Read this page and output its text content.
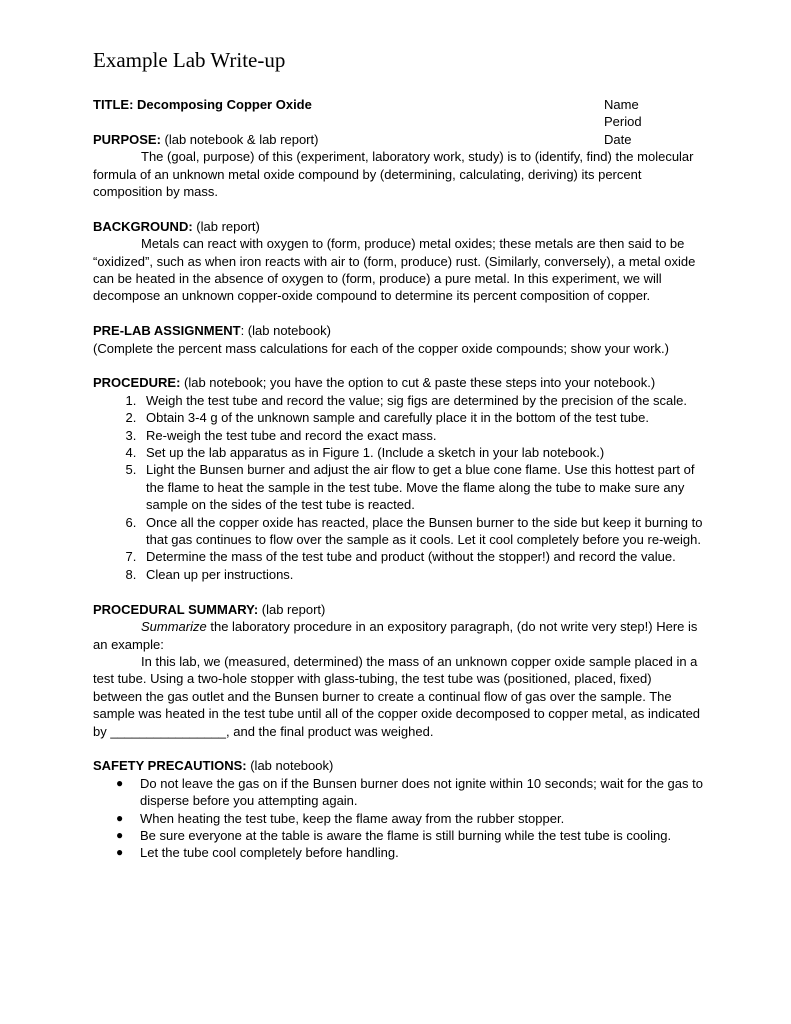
Example Lab Write-up
TITLE: Decomposing Copper Oxide	Name
Period
Date

PURPOSE: (lab notebook & lab report)

The (goal, purpose) of this (experiment, laboratory work, study) is to (identify, find) the molecular formula of an unknown metal oxide compound by (determining, calculating, deriving) its percent composition by mass.

BACKGROUND: (lab report)

Metals can react with oxygen to (form, produce) metal oxides; these metals are then said to be “oxidized”, such as when iron reacts with air to (form, produce) rust. (Similarly, conversely), a metal oxide can be heated in the absence of oxygen to (form, produce) a pure metal. In this experiment, we will decompose an unknown copper-oxide compound to determine its percent composition of copper.

PRE-LAB ASSIGNMENT: (lab notebook)

(Complete the percent mass calculations for each of the copper oxide compounds; show your work.)

PROCEDURE: (lab notebook; you have the option to cut & paste these steps into your notebook.)

1. Weigh the test tube and record the value; sig figs are determined by the precision of the scale.
2. Obtain 3-4 g of the unknown sample and carefully place it in the bottom of the test tube.
3. Re-weigh the test tube and record the exact mass.
4. Set up the lab apparatus as in Figure 1. (Include a sketch in your lab notebook.)
5. Light the Bunsen burner and adjust the air flow to get a blue cone flame. Use this hottest part of the flame to heat the sample in the test tube. Move the flame along the tube to make sure any sample on the sides of the test tube is reacted.
6. Once all the copper oxide has reacted, place the Bunsen burner to the side but keep it burning to that gas continues to flow over the sample as it cools. Let it cool completely before you re-weigh.
7. Determine the mass of the test tube and product (without the stopper!) and record the value.
8. Clean up per instructions.

PROCEDURAL SUMMARY: (lab report)

Summarize the laboratory procedure in an expository paragraph, (do not write very step!) Here is an example:

In this lab, we (measured, determined) the mass of an unknown copper oxide sample placed in a test tube. Using a two-hole stopper with glass-tubing, the test tube was (positioned, placed, fixed) between the gas outlet and the Bunsen burner to create a continual flow of gas over the sample. The sample was heated in the test tube until all of the copper oxide decomposed to copper metal, as indicated by ________________, and the final product was weighed.

SAFETY PRECAUTIONS: (lab notebook)

● Do not leave the gas on if the Bunsen burner does not ignite within 10 seconds; wait for the gas to disperse before you attempting again.
● When heating the test tube, keep the flame away from the rubber stopper.
● Be sure everyone at the table is aware the flame is still burning while the test tube is cooling.
● Let the tube cool completely before handling.
